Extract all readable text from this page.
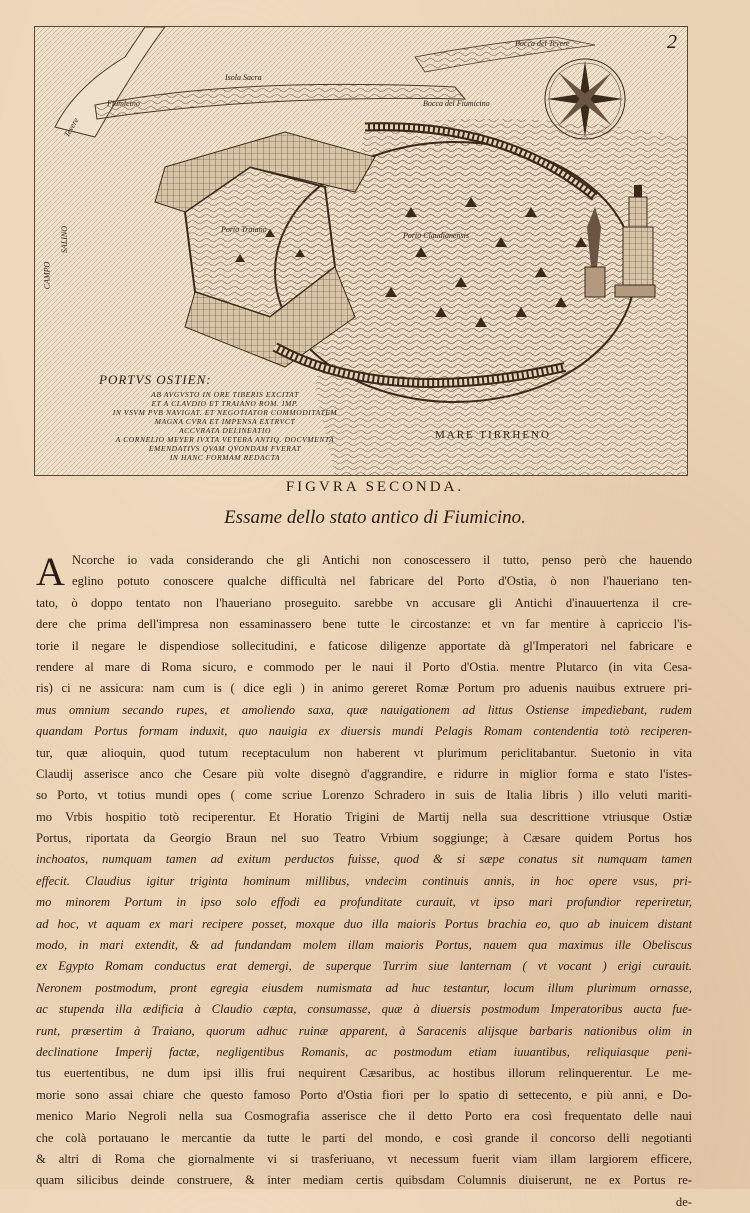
2
Bocca del Tevere
Isola Sacra
Fiumicino	Bocca del Fiumicino
Tevere
SALINO
CAMPO
Porto Traiano
Porto Claudianensis
PORTVS OSTIEN:
AB AVGVSTO IN ORE TIBERIS EXCITAT
ET A CLAVDIO ET TRAIANO ROM. IMP.
IN VSVM PVB NAVIGAT. ET NEGOTIATOR COMMODITATEM
MAGNA CVRA ET IMPENSA EXTRVCT
ACCVRATA DELINEATIO
A CORNELIO MEYER IVXTA VETERA ANTIQ. DOCVMENTA
EMENDATIVS QVAM QVONDAM FVERAT
IN HANC FORMAM REDACTA
MARE TIRRHENO
FIGVRA SECONDA.
Essame dello stato antico di Fiumicino.
A Ncorche io vada considerando che gli Antichi non conoscessero il tutto, penso però che hauendo
eglino potuto conoscere qualche difficultà nel fabricare del Porto d'Ostia, ò non l'haueriano ten-
tato, ò doppo tentato non l'haueriano proseguito. sarebbe vn accusare gli Antichi d'inauuertenza il cre-
dere che prima dell'impresa non essaminassero bene tutte le circostanze: et vn far mentire à capriccio l'is-
torie il negare le dispendiose sollecitudini, e faticose diligenze apportate dà gl'Imperatori nel fabricare e
rendere al mare di Roma sicuro, e commodo per le naui il Porto d'Ostia. mentre Plutarco (in vita Cesa-
ris) ci ne assicura: nam cum is ( dice egli ) in animo gereret Romæ Portum pro aduenis nauibus extruere pri-
mus omnium secando rupes, et amoliendo saxa, quæ nauigationem ad littus Ostiense impediebant, rudem
quandam Portus formam induxit, quo nauigia ex diuersis mundi Pelagis Romam contendentia totò reciperen-
tur, quæ alioquin, quod tutum receptaculum non haberent vt plurimum periclitabantur. Suetonio in vita
Claudij asserisce anco che Cesare più volte disegnò d'aggrandire, e ridurre in miglior forma e stato l'istes-
so Porto, vt totius mundi opes ( come scriue Lorenzo Schradero in suis de Italia libris ) illo veluti mariti-
mo Vrbis hospitio totò reciperentur. Et Horatio Trigini de Martij nella sua descrittione vtriusque Ostiæ
Portus, riportata da Georgio Braun nel suo Teatro Vrbium soggiunge; à Cæsare quidem Portus hos
inchoatos, numquam tamen ad exitum perductos fuisse, quod & si sæpe conatus sit numquam tamen
effecit. Claudius igitur triginta hominum millibus, vndecim continuis annis, in hoc opere vsus, pri-
mo minorem Portum in ipso solo effodi ea profunditate curauit, vt ipso mari profundior reperiretur,
ad hoc, vt aquam ex mari recipere posset, moxque duo illa maioris Portus brachia eo, quo ab inuicem distant
modo, in mari extendit, & ad fundandam molem illam maioris Portus, nauem qua maximus ille Obeliscus
ex Egypto Romam conductus erat demergi, de superque Turrim siue lanternam ( vt vocant ) erigi curauit.
Neronem postmodum, pront egregia eiusdem numismata ad huc testantur, locum illum plurimum ornasse,
ac stupenda illa ædificia à Claudio cæpta, consumasse, quæ à diuersis postmodum Imperatoribus aucta fue-
runt, præsertim à Traiano, quorum adhuc ruinæ apparent, à Saracenis alijsque barbaris nationibus olim in
declinatione Imperij factæ, negligentibus Romanis, ac postmodum etiam iuuantibus, reliquiasque peni-
tus euertentibus, ne dum ipsi illis frui nequirent Cæsaribus, ac hostibus illorum relinquerentur. Le me-
morie sono assai chiare che questo famoso Porto d'Ostia fiori per lo spatio di settecento, e più anni, e Do-
menico Mario Negroli nella sua Cosmografia asserisce che il detto Porto era così frequentato delle naui
che colà portauano le mercantie da tutte le parti del mondo, e così grande il concorso delli negotianti
& altri di Roma che giornalmente vi si trasferiuano, vt necessum fuerit viam illam largiorem efficere,
quam silicibus deinde construere, & inter mediam certis quibsdam Columnis diuiserunt, ne ex Portus re-
de-
